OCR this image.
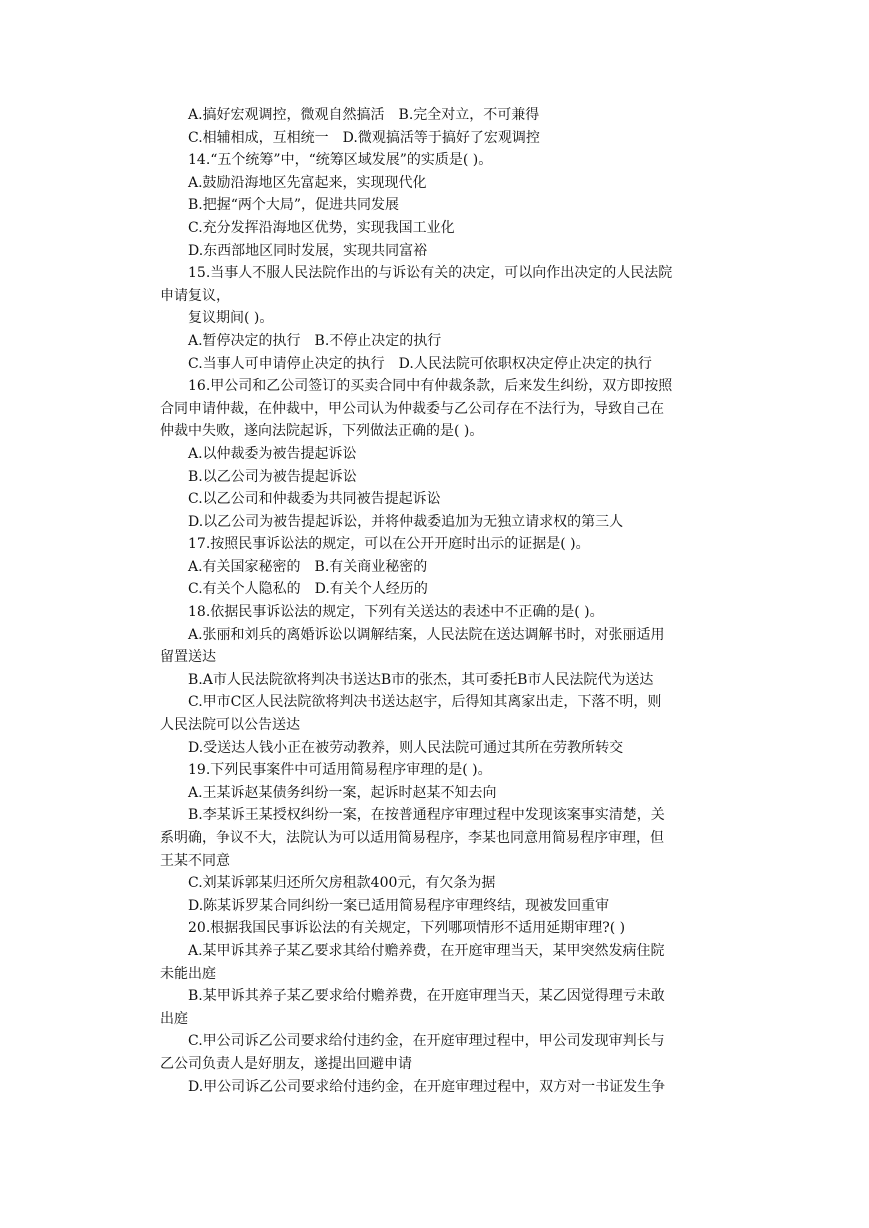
A.搞好宏观调控，微观自然搞活　B.完全对立，不可兼得

C.相辅相成，互相统一　D.微观搞活等于搞好了宏观调控

14.“五个统筹”中，“统筹区域发展”的实质是( )。

A.鼓励沿海地区先富起来，实现现代化

B.把握“两个大局”，促进共同发展

C.充分发挥沿海地区优势，实现我国工业化

D.东西部地区同时发展，实现共同富裕

15.当事人不服人民法院作出的与诉讼有关的决定，可以向作出决定的人民法院

申请复议，

复议期间( )。

A.暂停决定的执行　B.不停止决定的执行

C.当事人可申请停止决定的执行　D.人民法院可依职权决定停止决定的执行

16.甲公司和乙公司签订的买卖合同中有仲裁条款，后来发生纠纷，双方即按照

合同申请仲裁，在仲裁中，甲公司认为仲裁委与乙公司存在不法行为，导致自己在

仲裁中失败，遂向法院起诉，下列做法正确的是( )。

A.以仲裁委为被告提起诉讼

B.以乙公司为被告提起诉讼

C.以乙公司和仲裁委为共同被告提起诉讼

D.以乙公司为被告提起诉讼，并将仲裁委追加为无独立请求权的第三人

17.按照民事诉讼法的规定，可以在公开开庭时出示的证据是( )。

A.有关国家秘密的　B.有关商业秘密的

C.有关个人隐私的　D.有关个人经历的

18.依据民事诉讼法的规定，下列有关送达的表述中不正确的是( )。

A.张丽和刘兵的离婚诉讼以调解结案，人民法院在送达调解书时，对张丽适用

留置送达

B.A市人民法院欲将判决书送达B市的张杰，其可委托B市人民法院代为送达

C.甲市C区人民法院欲将判决书送达赵宇，后得知其离家出走，下落不明，则

人民法院可以公告送达

D.受送达人钱小正在被劳动教养，则人民法院可通过其所在劳教所转交

19.下列民事案件中可适用简易程序审理的是( )。

A.王某诉赵某债务纠纷一案，起诉时赵某不知去向

B.李某诉王某授权纠纷一案，在按普通程序审理过程中发现该案事实清楚，关

系明确，争议不大，法院认为可以适用简易程序，李某也同意用简易程序审理，但

王某不同意

C.刘某诉郭某归还所欠房租款400元，有欠条为据

D.陈某诉罗某合同纠纷一案已适用简易程序审理终结，现被发回重审

20.根据我国民事诉讼法的有关规定，下列哪项情形不适用延期审理?( )

A.某甲诉其养子某乙要求其给付赡养费，在开庭审理当天，某甲突然发病住院

未能出庭

B.某甲诉其养子某乙要求给付赡养费，在开庭审理当天，某乙因觉得理亏未敢

出庭

C.甲公司诉乙公司要求给付违约金，在开庭审理过程中，甲公司发现审判长与

乙公司负责人是好朋友，遂提出回避申请

D.甲公司诉乙公司要求给付违约金，在开庭审理过程中，双方对一书证发生争
